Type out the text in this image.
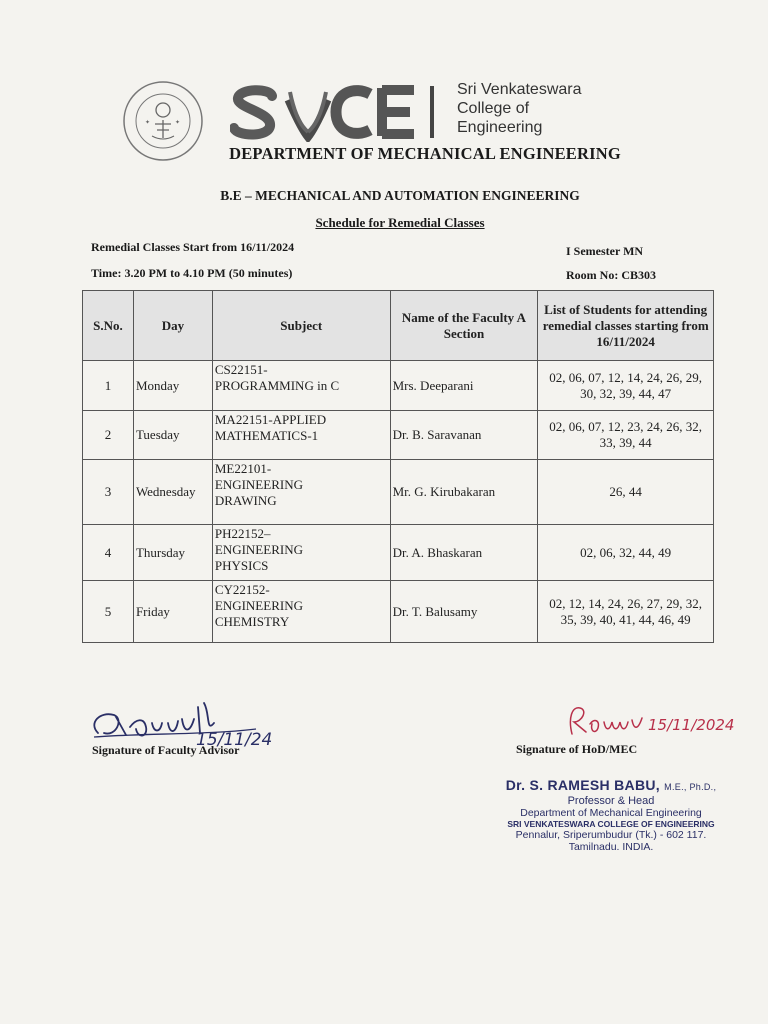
✦	✦
Sri Venkateswara
College of
Engineering
DEPARTMENT OF MECHANICAL ENGINEERING
B.E – MECHANICAL AND AUTOMATION ENGINEERING
Schedule for Remedial Classes
Remedial Classes Start from 16/11/2024
Time: 3.20 PM to 4.10 PM (50 minutes)
I Semester MN
Room No: CB303
S.No.	Day	Subject	Name of the Faculty A Section	List of Students for attending remedial classes starting from 16/11/2024
1	Monday	CS22151-
PROGRAMMING in C	Mrs. Deeparani	02, 06, 07, 12, 14, 24, 26, 29, 30, 32, 39, 44, 47
2	Tuesday	MA22151-APPLIED
MATHEMATICS-1	Dr. B. Saravanan	02, 06, 07, 12, 23, 24, 26, 32, 33, 39, 44
3	Wednesday	ME22101-
ENGINEERING
DRAWING	Mr. G. Kirubakaran	26, 44
4	Thursday	PH22152–
ENGINEERING
PHYSICS	Dr. A. Bhaskaran	02, 06, 32, 44, 49
5	Friday	CY22152-
ENGINEERING
CHEMISTRY	Dr. T. Balusamy	02, 12, 14, 24, 26, 27, 29, 32, 35, 39, 40, 41, 44, 46, 49
15/11/24
Signature of Faculty Advisor
15/11/2024
Signature of HoD/MEC
Dr. S. RAMESH BABU, M.E., Ph.D.,
Professor & Head
Department of Mechanical Engineering
SRI VENKATESWARA COLLEGE OF ENGINEERING
Pennalur, Sriperumbudur (Tk.) - 602 117.
Tamilnadu. INDIA.
